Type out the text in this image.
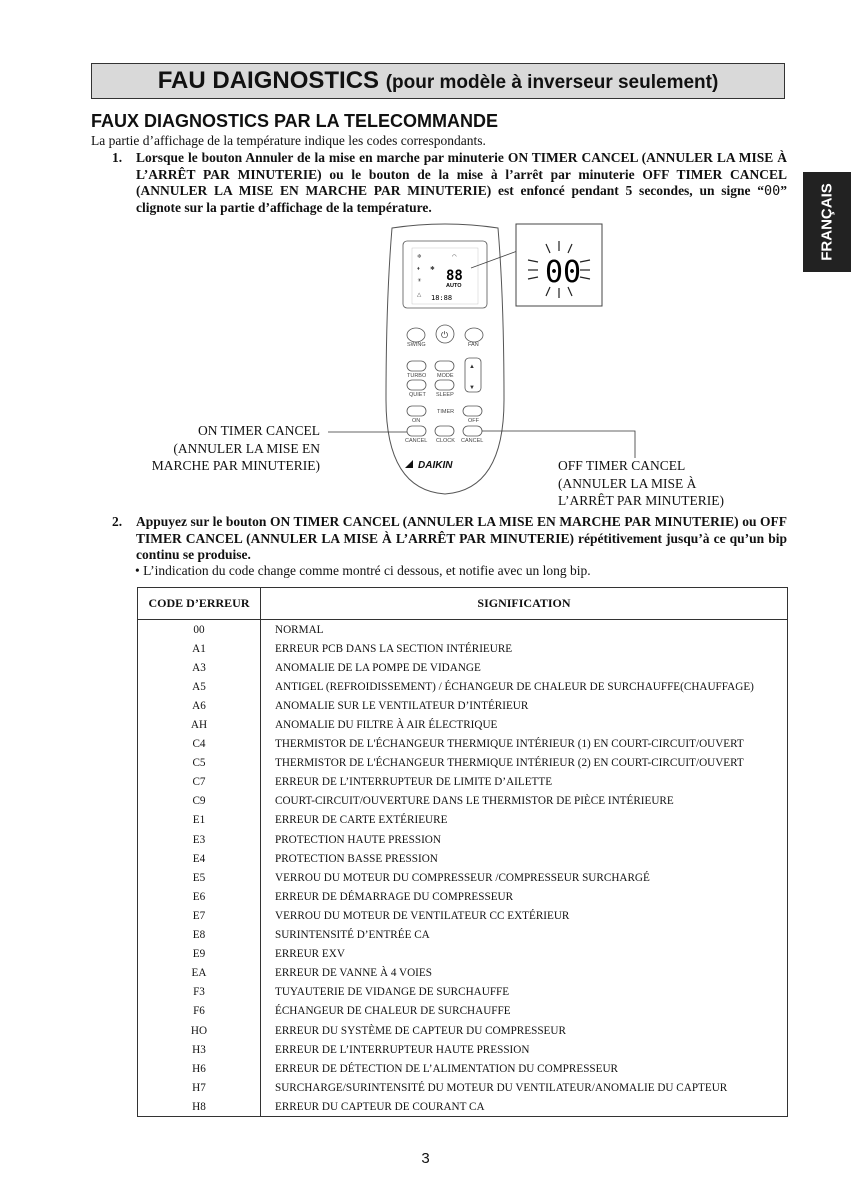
FAU DAIGNOSTICS (pour modèle à inverseur seulement)
FAUX DIAGNOSTICS PAR LA TELECOMMANDE
La partie d’affichage de la température indique les codes correspondants.
FRANÇAIS
1. Lorsque le bouton Annuler de la mise en marche par minuterie ON TIMER CANCEL (ANNULER LA MISE À L’ARRÊT PAR MINUTERIE) ou le bouton de la mise à l’arrêt par minuterie OFF TIMER CANCEL (ANNULER LA MISE EN MARCHE PAR MINUTERIE) est enfoncé pendant 5 secondes, un signe “00” clignote sur la partie d’affichage de la température.
❄
♦
☀
△
✱
◠
88
AUTO
18:88
00
⏻
SWING	FAN
TURBO MODE
QUIET SLEEP
▲
▼
TIMER
ON	OFF
CANCEL CLOCK CANCEL
DAIKIN
ON TIMER CANCEL
(ANNULER LA MISE EN
MARCHE PAR MINUTERIE)	OFF TIMER CANCEL
(ANNULER LA MISE À
L’ARRÊT PAR MINUTERIE)
2. Appuyez sur le bouton ON TIMER CANCEL (ANNULER LA MISE EN MARCHE PAR MINUTERIE) ou OFF TIMER CANCEL (ANNULER LA MISE À L’ARRÊT PAR MINUTERIE) répétitivement jusqu’à ce qu’un bip continu se produise.
• L’indication du code change comme montré ci dessous, et notifie avec un long bip.
CODE D’ERREUR	SIGNIFICATION
00	NORMAL
A1	ERREUR PCB DANS LA SECTION INTÉRIEURE
A3	ANOMALIE DE LA POMPE DE VIDANGE
A5	ANTIGEL (REFROIDISSEMENT) / ÉCHANGEUR DE CHALEUR DE SURCHAUFFE(CHAUFFAGE)
A6	ANOMALIE SUR LE VENTILATEUR D’INTÉRIEUR
AH	ANOMALIE DU FILTRE À AIR ÉLECTRIQUE
C4	THERMISTOR DE L'ÉCHANGEUR THERMIQUE INTÉRIEUR (1) EN COURT-CIRCUIT/OUVERT
C5	THERMISTOR DE L'ÉCHANGEUR THERMIQUE INTÉRIEUR (2) EN COURT-CIRCUIT/OUVERT
C7	ERREUR DE L’INTERRUPTEUR DE LIMITE D’AILETTE
C9	COURT-CIRCUIT/OUVERTURE DANS LE THERMISTOR DE PIÈCE INTÉRIEURE
E1	ERREUR DE CARTE EXTÉRIEURE
E3	PROTECTION HAUTE PRESSION
E4	PROTECTION BASSE PRESSION
E5	VERROU DU MOTEUR DU COMPRESSEUR /COMPRESSEUR SURCHARGÉ
E6	ERREUR DE DÉMARRAGE DU COMPRESSEUR
E7	VERROU DU MOTEUR DE VENTILATEUR CC EXTÉRIEUR
E8	SURINTENSITÉ D’ENTRÉE CA
E9	ERREUR EXV
EA	ERREUR DE VANNE À 4 VOIES
F3	TUYAUTERIE DE VIDANGE DE SURCHAUFFE
F6	ÉCHANGEUR DE CHALEUR DE SURCHAUFFE
HO	ERREUR DU SYSTÈME DE CAPTEUR DU COMPRESSEUR
H3	ERREUR DE L’INTERRUPTEUR HAUTE PRESSION
H6	ERREUR DE DÉTECTION DE L’ALIMENTATION DU COMPRESSEUR
H7	SURCHARGE/SURINTENSITÉ DU MOTEUR DU VENTILATEUR/ANOMALIE DU CAPTEUR
H8	ERREUR DU CAPTEUR DE COURANT CA
3
